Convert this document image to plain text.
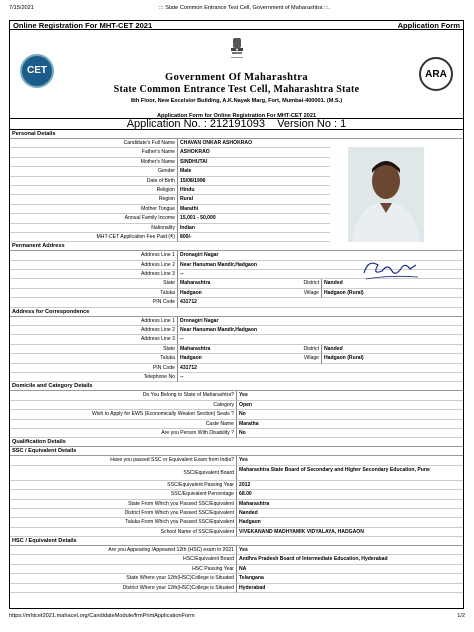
7/15/2021	::: State Common Entrance Test Cell, Government of Maharashtra :::.
Online Registration For MHT-CET 2021	Application Form
CET
Government Of Maharashtra
State Common Entrance Test Cell, Maharashtra State
8th Floor, New Excelsior Building, A.K.Nayak Marg, Fort, Mumbai-400001. (M.S.)
Application Form for Online Registration For MHT-CET 2021
ARA
Application No. : 212191093 Version No : 1
Personal Details
Candidate's Full Name CHAVAN ONKAR ASHOKRAO
Father's Name ASHOKRAO
Mother's Name SINDHUTAI
Gender Male
Date of Birth 15/08/1996
Religion Hindu
Region Rural
Mother Tongue Marathi
Annual Family Income 15,001 - 50,000
Nationality Indian
MHT-CET Application Fee Paid (₹) 800/-
Permanent Address
Address Line 1 Dronagiri Nagar
Address Line 2 Near Hanuman Mandir,Hadgaon
Address Line 3 --
State Maharashtra	District Nanded
Taluka Hadgaon	Village Hadgaon (Rural)
PIN Code 431712
Address for Correspondence
Address Line 1 Dronagiri Nagar
Address Line 2 Near Hanuman Mandir,Hadgaon
Address Line 3 --
State Maharashtra	District Nanded
Taluka Hadgaon	Village Hadgaon (Rural)
PIN Code 431712
Telephone No --
Domicile and Category Details
Do You Belong to State of Maharashtra? Yes
Category Open
Wish to Apply for EWS (Economically Weaker Section) Seats ? No
Caste Name Maratha
Are you Person With Disability ? No
Qualification Details
SSC / Equivalent Details
Have you passed SSC or Equivalent Exam from India? Yes
SSC/Equivalent Board Maharashtra State Board of Secondary and Higher Secondary Education, Pune
SSC/Equivalent Passing Year 2012
SSC/Equivalent Percentage 68.00
State From Which you Passed SSC/Equivalent Maharashtra
District From Which you Passed SSC/Equivalent Nanded
Taluka From Which you Passed SSC/Equivalent Hadgaon
School Name of SSC/Equivalent VIVEKANAND MADHYAMIK VIDYALAYA, HADGAON
HSC / Equivalent Details
Are you Appearing /Appeared 12th (HSC) exam in 2021 Yes
HSC/Equivalent Board Andhra Pradesh Board of Intermediate Education, Hyderabad
HSC Passing Year NA
State Where your 12th(HSC)College is Situated Telangana
District Where your 12th(HSC)College is Situated Hyderabad
https://mhtcet2021.mahacet.org/CandidateModule/frmPrintApplicationForm	1/2
